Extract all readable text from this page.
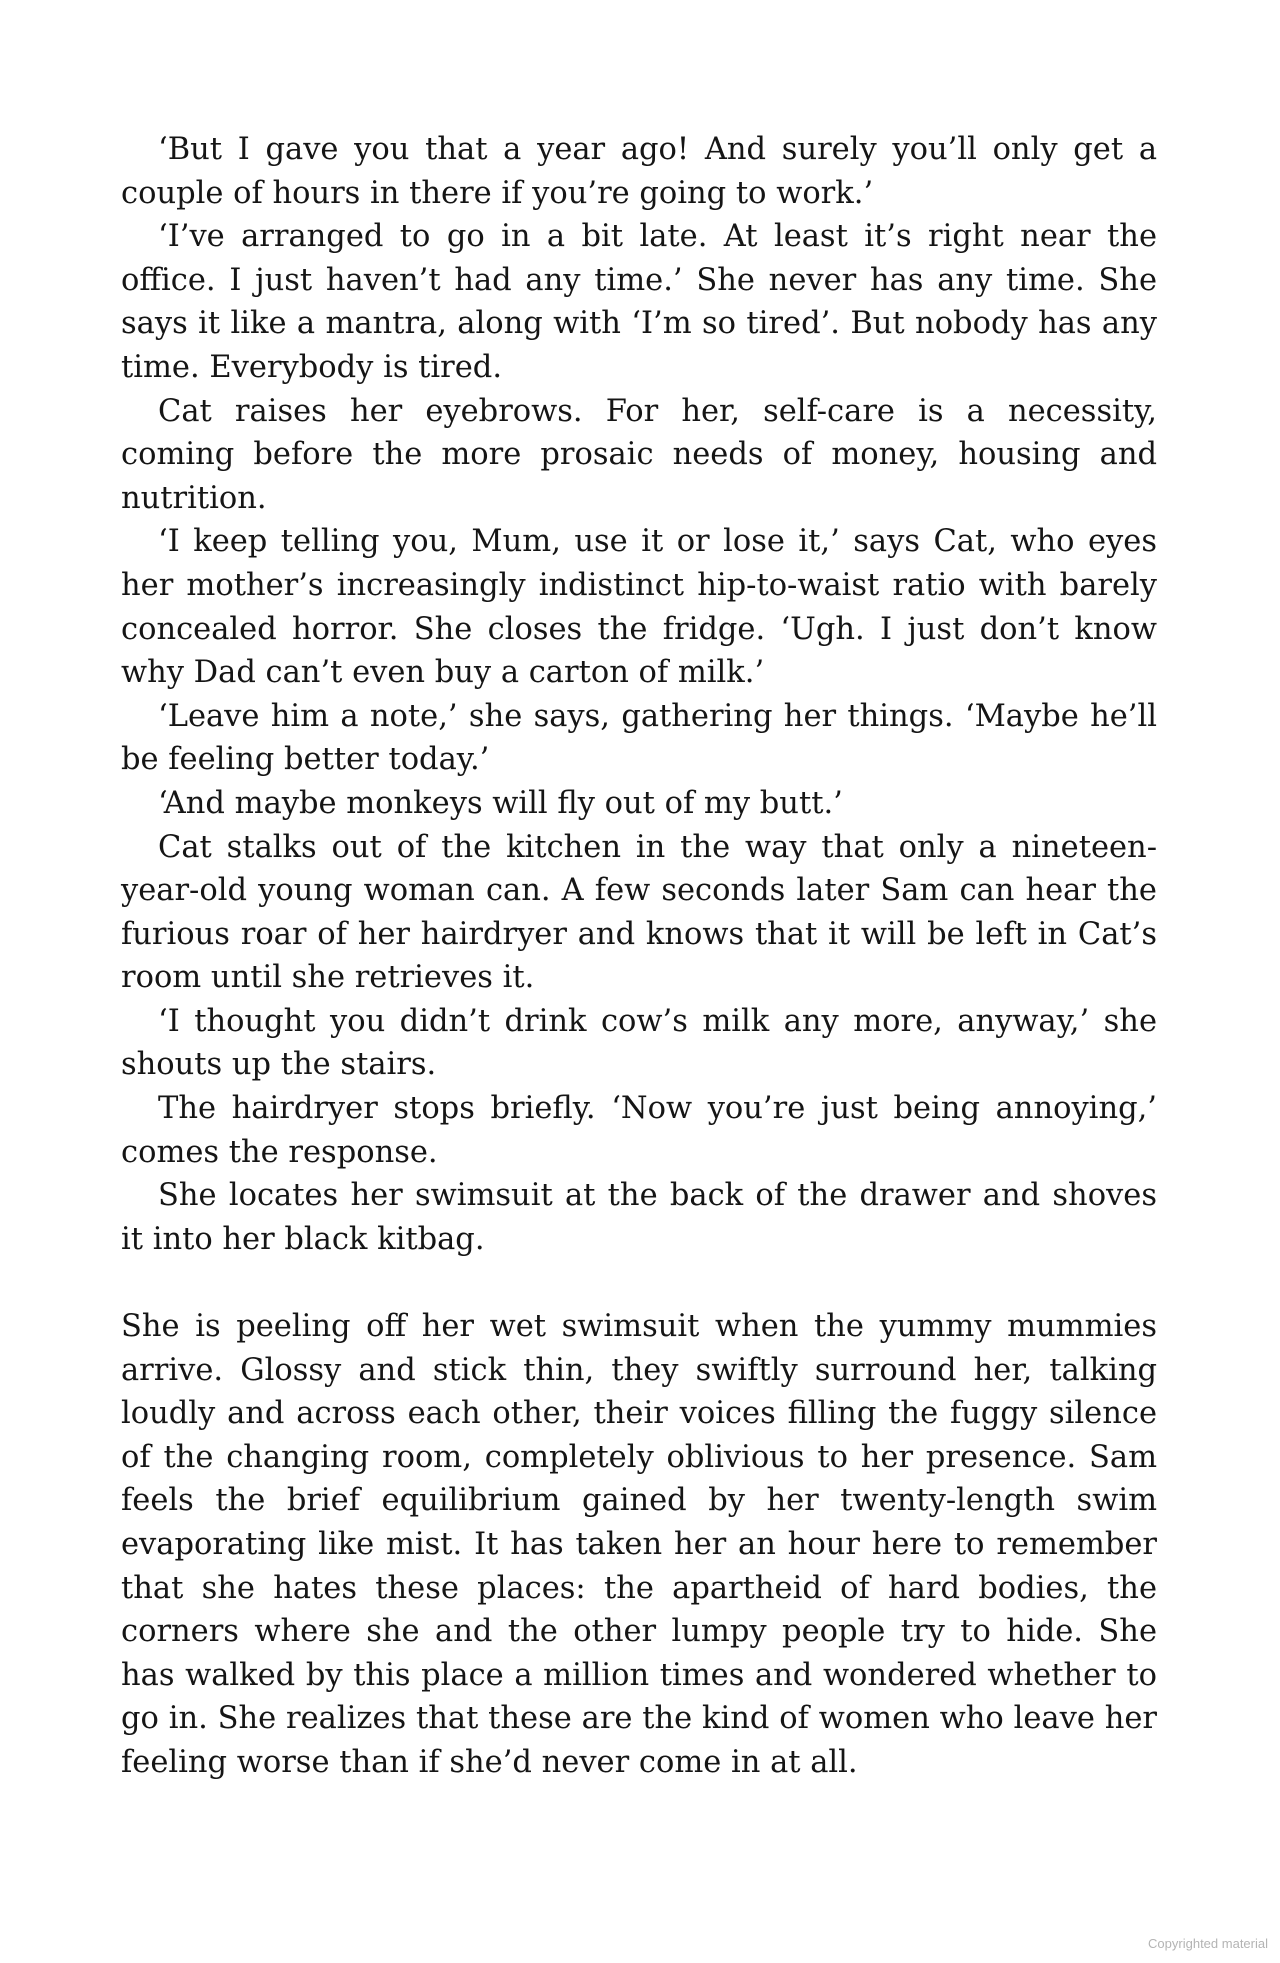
‘But I gave you that a year ago! And surely you’ll only get a couple of hours in there if you’re going to work.’

‘I’ve arranged to go in a bit late. At least it’s right near the office. I just haven’t had any time.’ She never has any time. She says it like a mantra, along with ‘I’m so tired’. But nobody has any time. Everybody is tired.

Cat raises her eyebrows. For her, self-care is a necessity, coming before the more prosaic needs of money, housing and nutrition.

‘I keep telling you, Mum, use it or lose it,’ says Cat, who eyes her mother’s increasingly indistinct hip-to-waist ratio with barely concealed horror. She closes the fridge. ‘Ugh. I just don’t know why Dad can’t even buy a carton of milk.’

‘Leave him a note,’ she says, gathering her things. ‘Maybe he’ll be feeling better today.’

‘And maybe monkeys will fly out of my butt.’

Cat stalks out of the kitchen in the way that only a nineteen-year-old young woman can. A few seconds later Sam can hear the furious roar of her hairdryer and knows that it will be left in Cat’s room until she retrieves it.

‘I thought you didn’t drink cow’s milk any more, anyway,’ she shouts up the stairs.

The hairdryer stops briefly. ‘Now you’re just being annoying,’ comes the response.

She locates her swimsuit at the back of the drawer and shoves it into her black kitbag.

She is peeling off her wet swimsuit when the yummy mummies arrive. Glossy and stick thin, they swiftly surround her, talking loudly and across each other, their voices filling the fuggy silence of the changing room, completely oblivious to her presence. Sam feels the brief equilibrium gained by her twenty-length swim evaporating like mist. It has taken her an hour here to remember that she hates these places: the apartheid of hard bodies, the corners where she and the other lumpy people try to hide. She has walked by this place a million times and wondered whether to go in. She realizes that these are the kind of women who leave her feeling worse than if she’d never come in at all.

Copyrighted material
